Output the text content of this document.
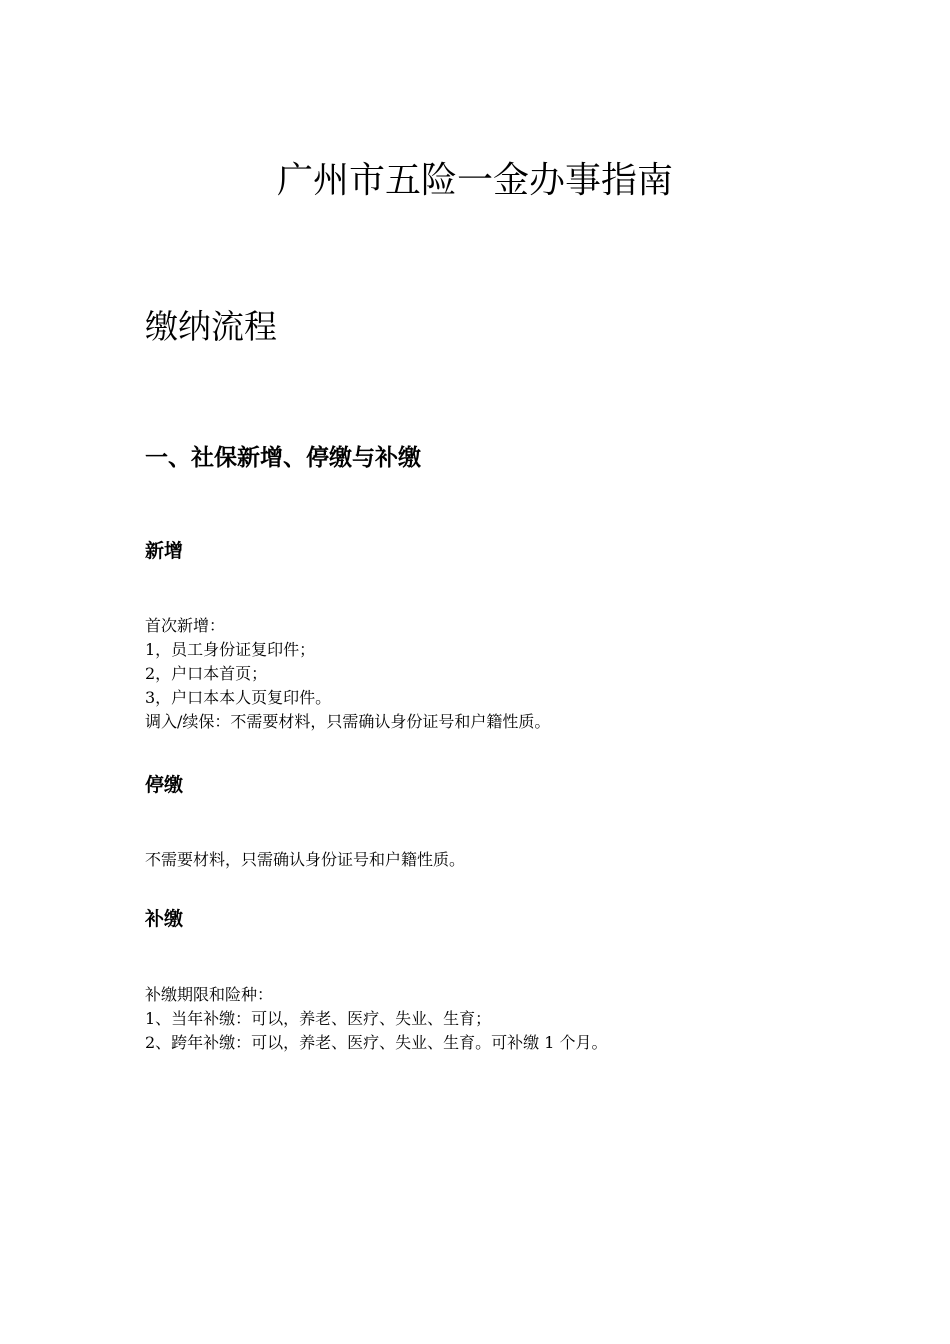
广州市五险一金办事指南
缴纳流程
一、社保新增、停缴与补缴
新增
首次新增：
1，员工身份证复印件；
2，户口本首页；
3，户口本本人页复印件。
调入/续保：不需要材料，只需确认身份证号和户籍性质。
停缴
不需要材料，只需确认身份证号和户籍性质。
补缴
补缴期限和险种：
1、当年补缴：可以，养老、医疗、失业、生育；
2、跨年补缴：可以，养老、医疗、失业、生育。可补缴 1 个月。
